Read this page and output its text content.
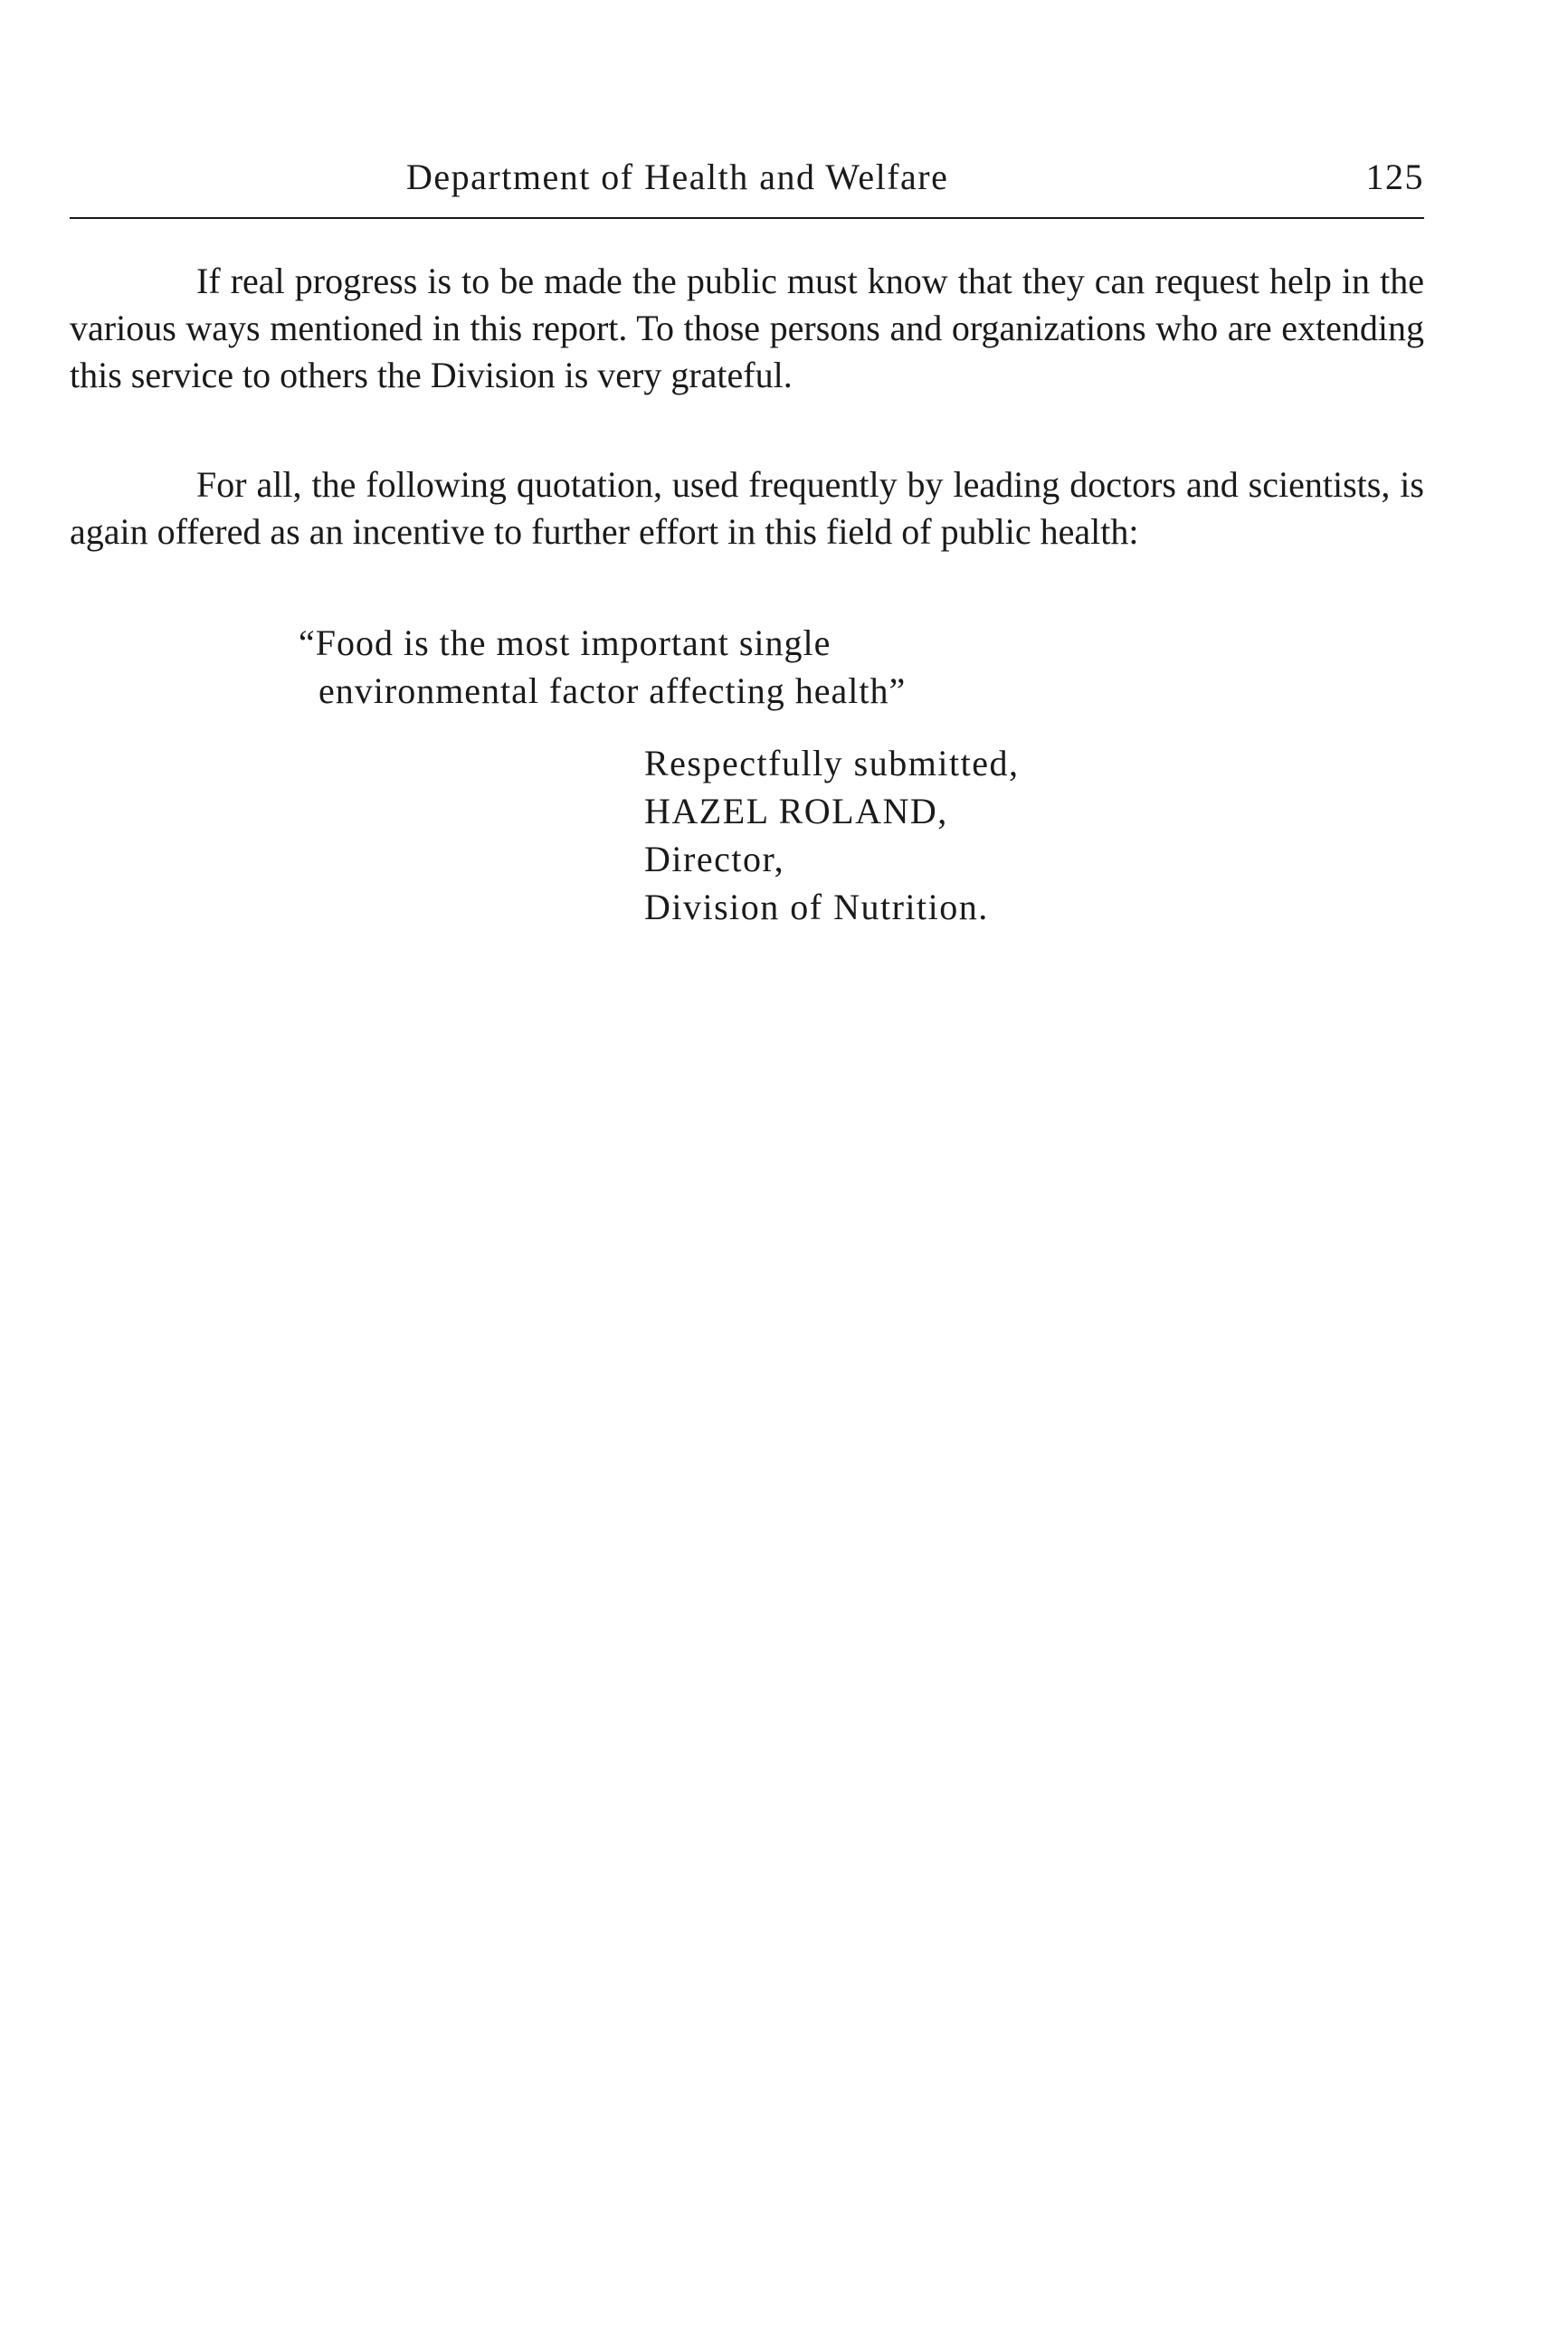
Department of Health and Welfare	125

If real progress is to be made the public must know that they can request help in the various ways mentioned in this report. To those persons and organizations who are extending this service to others the Division is very grateful.

For all, the following quotation, used frequently by leading doctors and scientists, is again offered as an incentive to further effort in this field of public health:

“Food is the most important single
environmental factor affecting health”
Respectfully submitted,
HAZEL ROLAND,
Director,
Division of Nutrition.
